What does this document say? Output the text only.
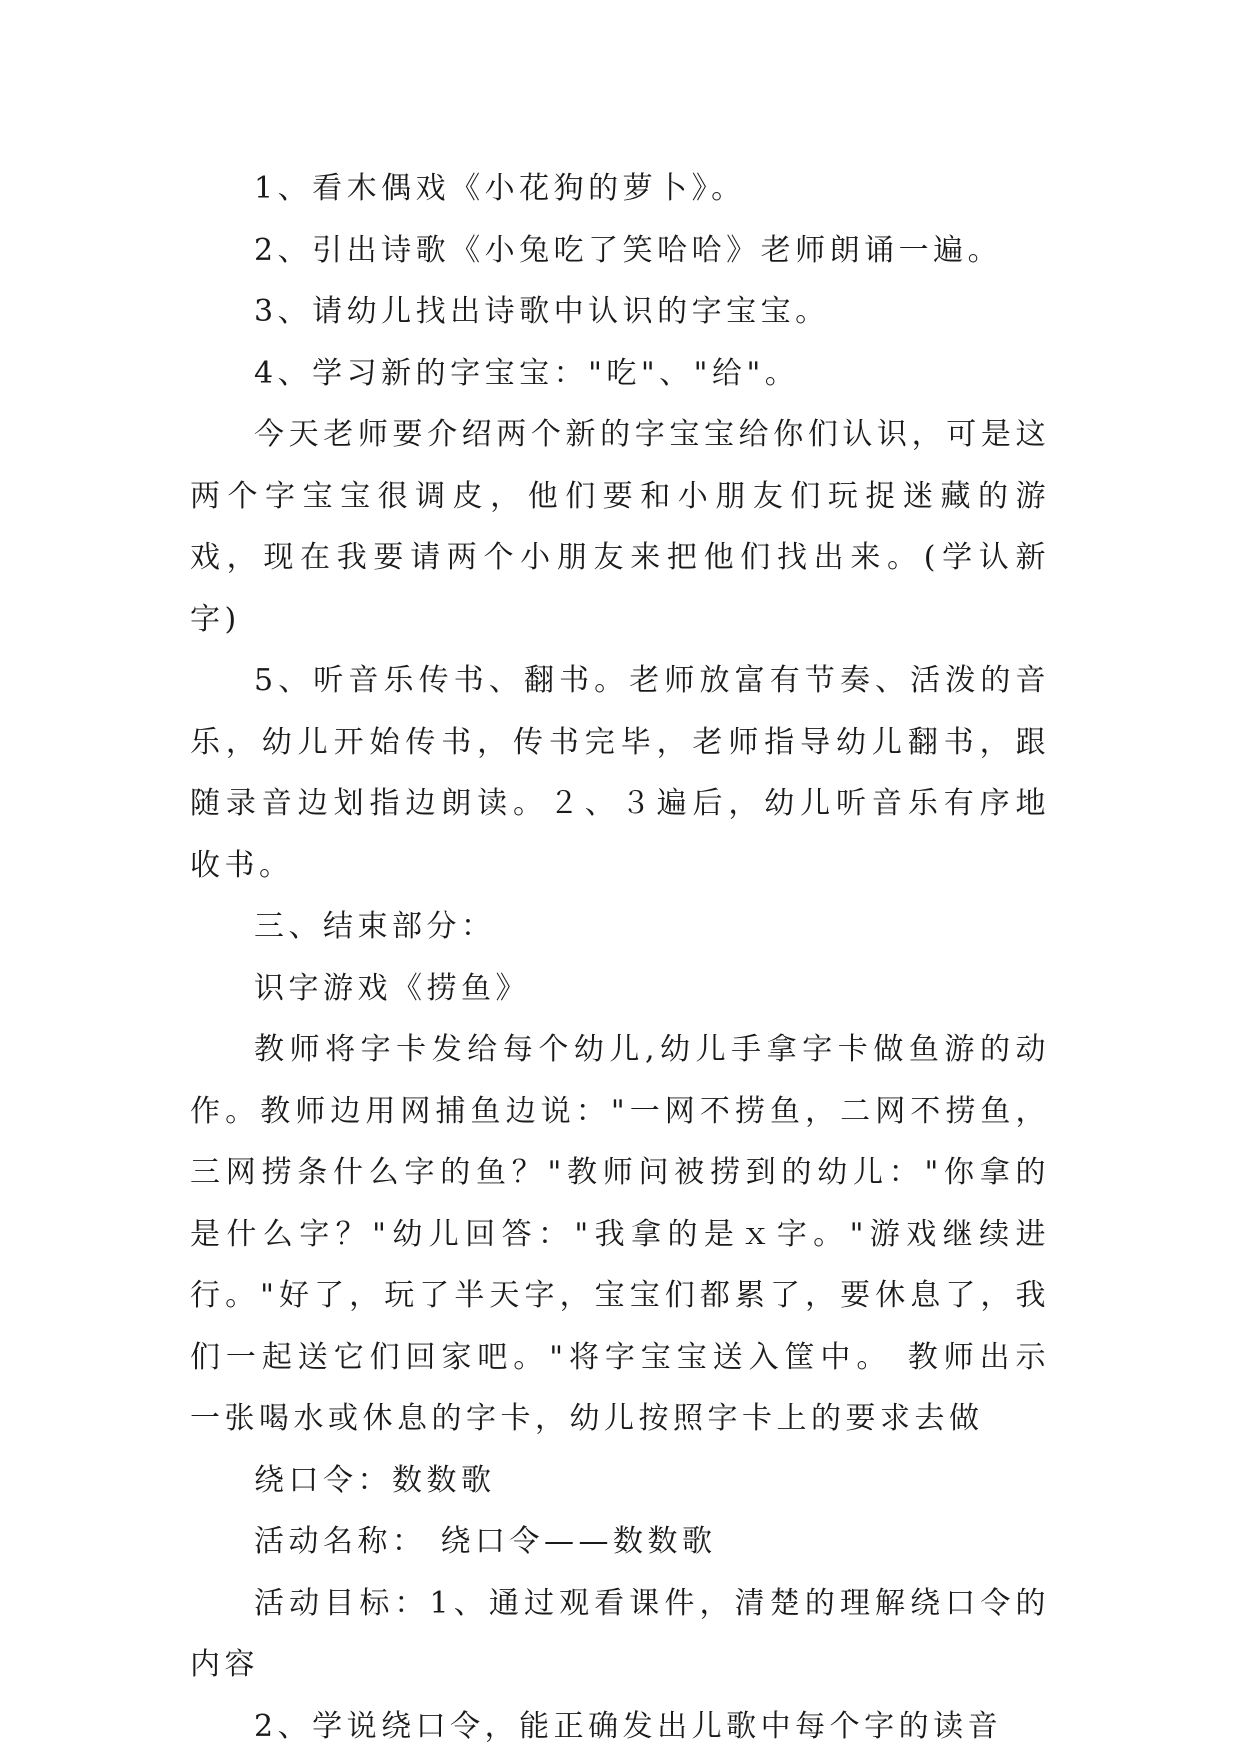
1、看木偶戏《小花狗的萝卜》。

2、引出诗歌《小兔吃了笑哈哈》老师朗诵一遍。

3、请幼儿找出诗歌中认识的字宝宝。

4、学习新的字宝宝："吃"、"给"。

今天老师要介绍两个新的字宝宝给你们认识，可是这两个字宝宝很调皮，他们要和小朋友们玩捉迷藏的游戏，现在我要请两个小朋友来把他们找出来。(学认新字)

5、听音乐传书、翻书。老师放富有节奏、活泼的音乐，幼儿开始传书，传书完毕，老师指导幼儿翻书，跟随录音边划指边朗读。２、３遍后，幼儿听音乐有序地收书。

三、结束部分：

识字游戏《捞鱼》

教师将字卡发给每个幼儿,幼儿手拿字卡做鱼游的动作。教师边用网捕鱼边说："一网不捞鱼，二网不捞鱼，三网捞条什么字的鱼？"教师问被捞到的幼儿："你拿的是什么字？"幼儿回答："我拿的是ｘ字。"游戏继续进行。"好了，玩了半天字，宝宝们都累了，要休息了，我们一起送它们回家吧。"将字宝宝送入筐中。 教师出示一张喝水或休息的字卡，幼儿按照字卡上的要求去做

绕口令：数数歌

活动名称： 绕口令——数数歌

活动目标：1、通过观看课件，清楚的理解绕口令的内容

2、学说绕口令，能正确发出儿歌中每个字的读音
